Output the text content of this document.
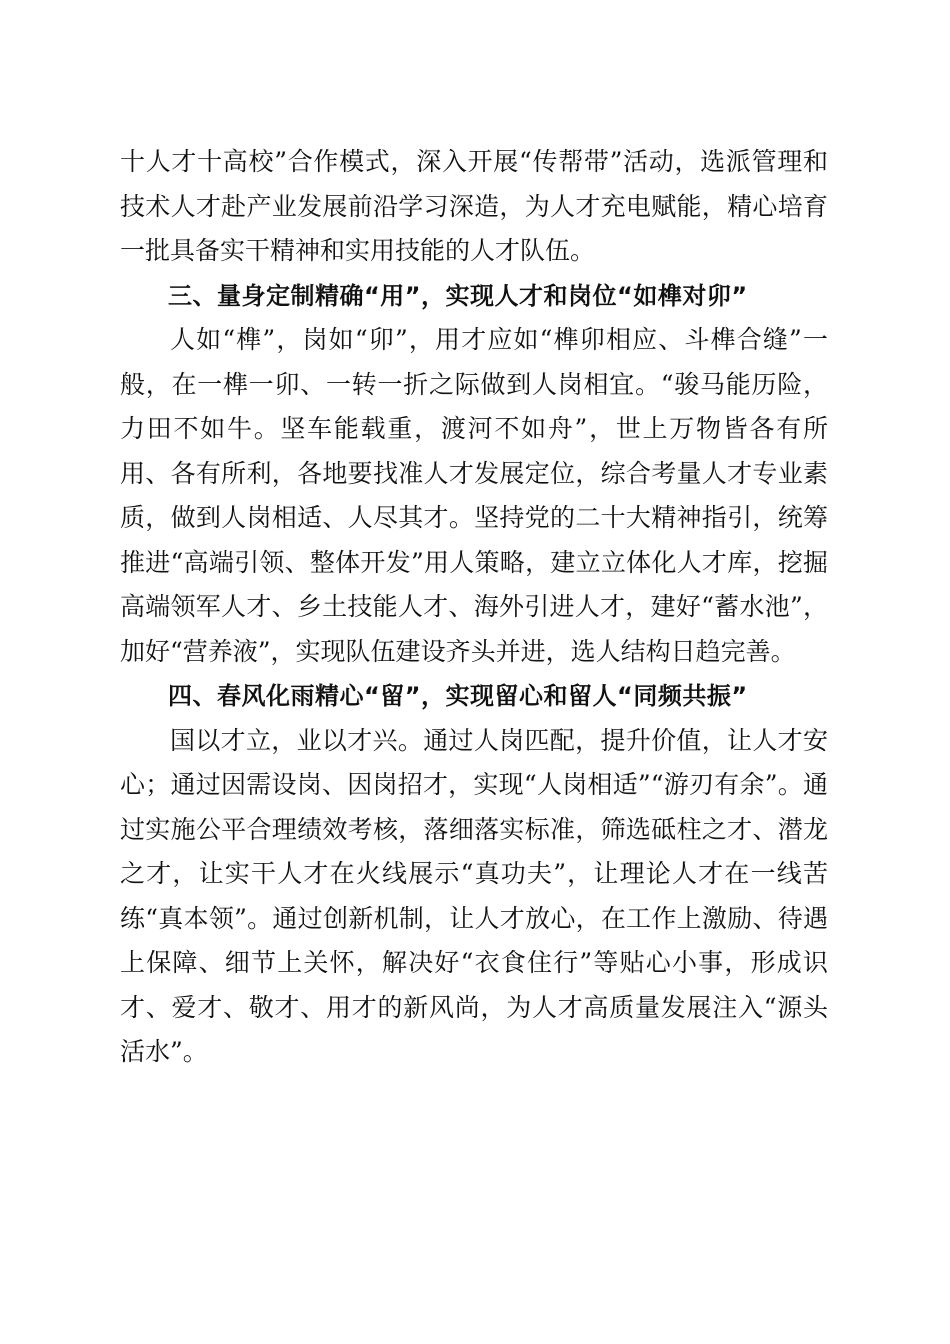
十人才十高校”合作模式，深入开展“传帮带”活动，选派管理和技术人才赴产业发展前沿学习深造，为人才充电赋能，精心培育一批具备实干精神和实用技能的人才队伍。

三、量身定制精确“用”，实现人才和岗位“如榫对卯”

人如“榫”，岗如“卯”，用才应如“榫卯相应、斗榫合缝”一般，在一榫一卯、一转一折之际做到人岗相宜。“骏马能历险，力田不如牛。坚车能载重，渡河不如舟”，世上万物皆各有所用、各有所利，各地要找准人才发展定位，综合考量人才专业素质，做到人岗相适、人尽其才。坚持党的二十大精神指引，统筹推进“高端引领、整体开发”用人策略，建立立体化人才库，挖掘高端领军人才、乡土技能人才、海外引进人才，建好“蓄水池”，加好“营养液”，实现队伍建设齐头并进，选人结构日趋完善。

四、春风化雨精心“留”，实现留心和留人“同频共振”

国以才立，业以才兴。通过人岗匹配，提升价值，让人才安心；通过因需设岗、因岗招才，实现“人岗相适”“游刃有余”。通过实施公平合理绩效考核，落细落实标准，筛选砥柱之才、潜龙之才，让实干人才在火线展示“真功夫”，让理论人才在一线苦练“真本领”。通过创新机制，让人才放心，在工作上激励、待遇上保障、细节上关怀，解决好“衣食住行”等贴心小事，形成识才、爱才、敬才、用才的新风尚，为人才高质量发展注入“源头活水”。
